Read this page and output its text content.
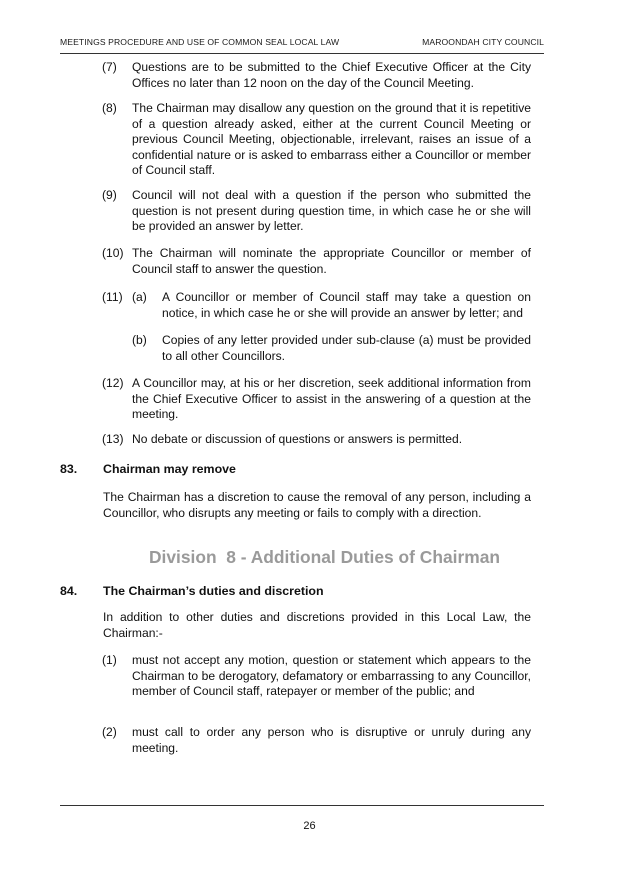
MEETINGS PROCEDURE AND USE OF COMMON SEAL LOCAL LAW	MAROONDAH CITY COUNCIL
(7) Questions are to be submitted to the Chief Executive Officer at the City Offices no later than 12 noon on the day of the Council Meeting.
(8) The Chairman may disallow any question on the ground that it is repetitive of a question already asked, either at the current Council Meeting or previous Council Meeting, objectionable, irrelevant, raises an issue of a confidential nature or is asked to embarrass either a Councillor or member of Council staff.
(9) Council will not deal with a question if the person who submitted the question is not present during question time, in which case he or she will be provided an answer by letter.
(10) The Chairman will nominate the appropriate Councillor or member of Council staff to answer the question.
(11) (a) A Councillor or member of Council staff may take a question on notice, in which case he or she will provide an answer by letter; and
(b) Copies of any letter provided under sub-clause (a) must be provided to all other Councillors.
(12) A Councillor may, at his or her discretion, seek additional information from the Chief Executive Officer to assist in the answering of a question at the meeting.
(13) No debate or discussion of questions or answers is permitted.
83. Chairman may remove
The Chairman has a discretion to cause the removal of any person, including a Councillor, who disrupts any meeting or fails to comply with a direction.
Division  8 - Additional Duties of Chairman
84. The Chairman’s duties and discretion
In addition to other duties and discretions provided in this Local Law, the Chairman:-
(1) must not accept any motion, question or statement which appears to the Chairman to be derogatory, defamatory or embarrassing to any Councillor, member of Council staff, ratepayer or member of the public; and
(2) must call to order any person who is disruptive or unruly during any meeting.
26
